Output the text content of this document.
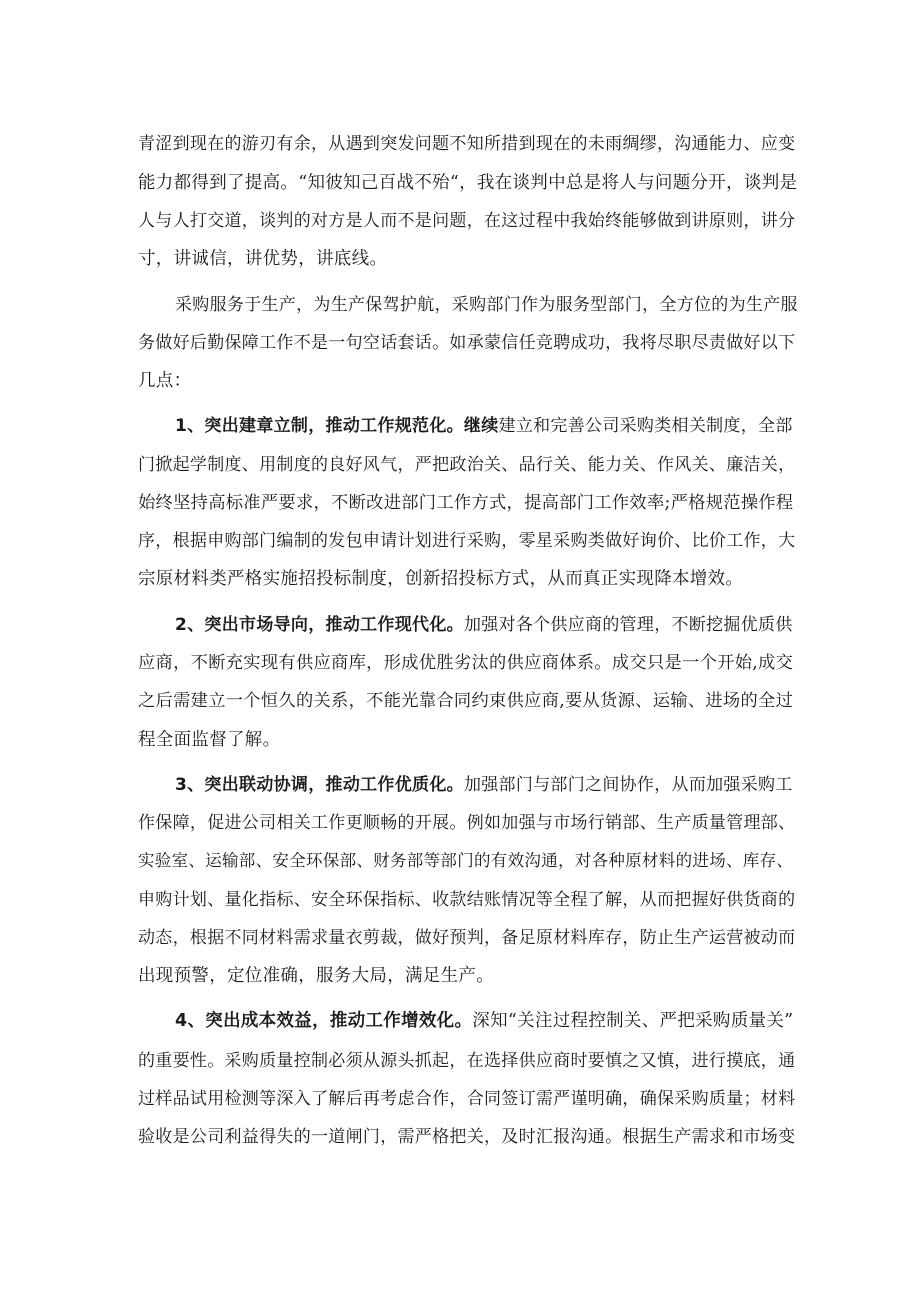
青涩到现在的游刃有余，从遇到突发问题不知所措到现在的未雨绸缪，沟通能力、应变
能力都得到了提高。“知彼知己百战不殆“，我在谈判中总是将人与问题分开，谈判是
人与人打交道，谈判的对方是人而不是问题，在这过程中我始终能够做到讲原则，讲分
寸，讲诚信，讲优势，讲底线。
采购服务于生产，为生产保驾护航，采购部门作为服务型部门，全方位的为生产服
务做好后勤保障工作不是一句空话套话。如承蒙信任竞聘成功，我将尽职尽责做好以下
几点：
1、突出建章立制，推动工作规范化。继续建立和完善公司采购类相关制度，全部
门掀起学制度、用制度的良好风气，严把政治关、品行关、能力关、作风关、廉洁关，
始终坚持高标准严要求，不断改进部门工作方式，提高部门工作效率;严格规范操作程
序，根据申购部门编制的发包申请计划进行采购，零星采购类做好询价、比价工作，大
宗原材料类严格实施招投标制度，创新招投标方式，从而真正实现降本增效。
2、突出市场导向，推动工作现代化。加强对各个供应商的管理，不断挖掘优质供
应商，不断充实现有供应商库，形成优胜劣汰的供应商体系。成交只是一个开始,成交
之后需建立一个恒久的关系，不能光靠合同约束供应商,要从货源、运输、进场的全过
程全面监督了解。
3、突出联动协调，推动工作优质化。加强部门与部门之间协作，从而加强采购工
作保障，促进公司相关工作更顺畅的开展。例如加强与市场行销部、生产质量管理部、
实验室、运输部、安全环保部、财务部等部门的有效沟通，对各种原材料的进场、库存、
申购计划、量化指标、安全环保指标、收款结账情况等全程了解，从而把握好供货商的
动态，根据不同材料需求量衣剪裁，做好预判，备足原材料库存，防止生产运营被动而
出现预警，定位准确，服务大局，满足生产。
4、突出成本效益，推动工作增效化。深知“关注过程控制关、严把采购质量关”
的重要性。采购质量控制必须从源头抓起，在选择供应商时要慎之又慎，进行摸底，通
过样品试用检测等深入了解后再考虑合作，合同签订需严谨明确，确保采购质量；材料
验收是公司利益得失的一道闸门，需严格把关，及时汇报沟通。根据生产需求和市场变
